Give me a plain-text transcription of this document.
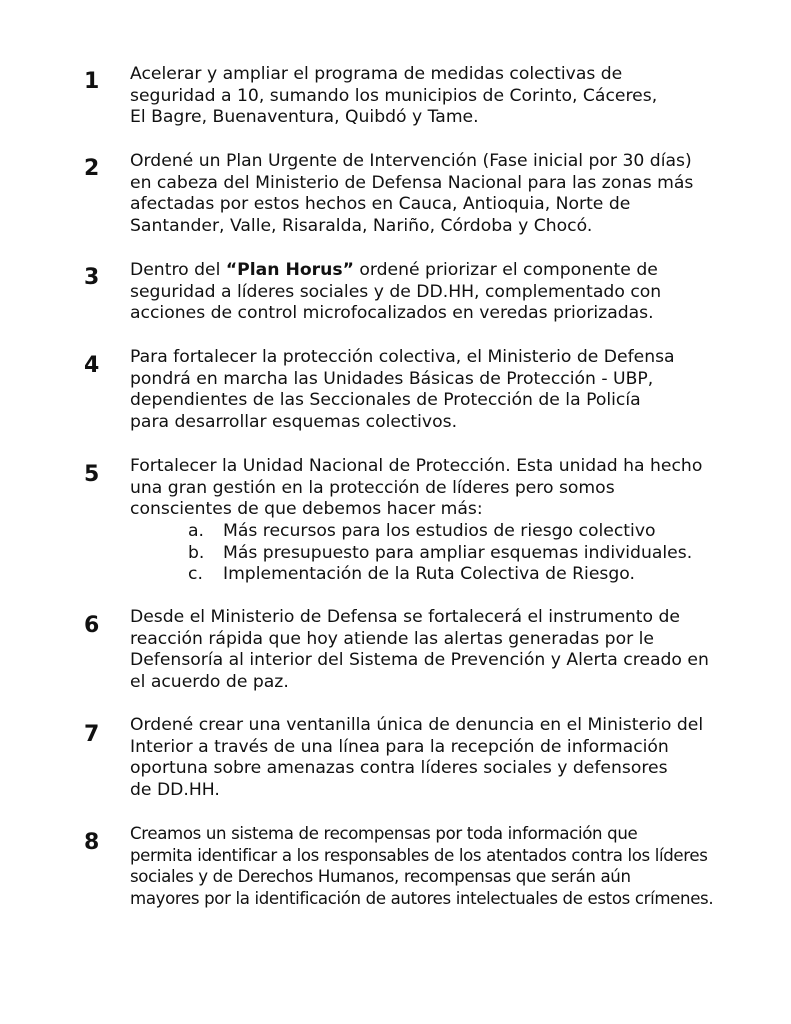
1	Acelerar y ampliar el programa de medidas colectivas de
seguridad a 10, sumando los municipios de Corinto, Cáceres,
El Bagre, Buenaventura, Quibdó y Tame.
2	Ordené un Plan Urgente de Intervención (Fase inicial por 30 días)
en cabeza del Ministerio de Defensa Nacional para las zonas más
afectadas por estos hechos en Cauca, Antioquia, Norte de
Santander, Valle, Risaralda, Nariño, Córdoba y Chocó.
3	Dentro del “Plan Horus” ordené priorizar el componente de
seguridad a líderes sociales y de DD.HH, complementado con
acciones de control microfocalizados en veredas priorizadas.
4	Para fortalecer la protección colectiva, el Ministerio de Defensa
pondrá en marcha las Unidades Básicas de Protección - UBP,
dependientes de las Seccionales de Protección de la Policía
para desarrollar esquemas colectivos.
5	Fortalecer la Unidad Nacional de Protección. Esta unidad ha hecho
una gran gestión en la protección de líderes pero somos
conscientes de que debemos hacer más:
a. Más recursos para los estudios de riesgo colectivo
b. Más presupuesto para ampliar esquemas individuales.
c. Implementación de la Ruta Colectiva de Riesgo.
6	Desde el Ministerio de Defensa se fortalecerá el instrumento de
reacción rápida que hoy atiende las alertas generadas por le
Defensoría al interior del Sistema de Prevención y Alerta creado en
el acuerdo de paz.
7	Ordené crear una ventanilla única de denuncia en el Ministerio del
Interior a través de una línea para la recepción de información
oportuna sobre amenazas contra líderes sociales y defensores
de DD.HH.
8	Creamos un sistema de recompensas por toda información que
permita identificar a los responsables de los atentados contra los líderes
sociales y de Derechos Humanos, recompensas que serán aún
mayores por la identificación de autores intelectuales de estos crímenes.
